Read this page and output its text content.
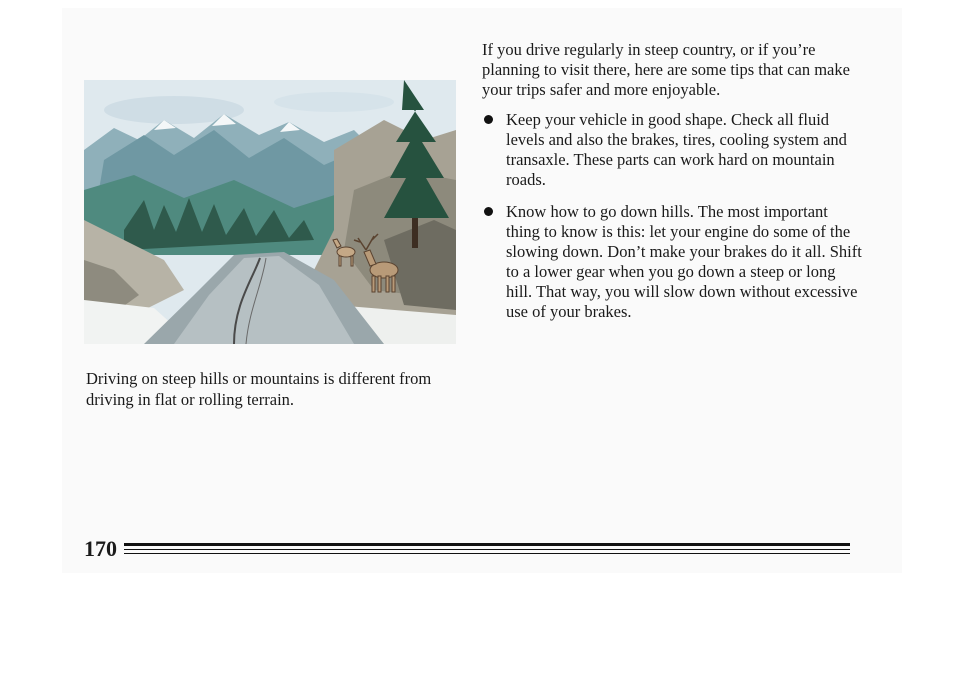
Driving on steep hills or mountains is different from driving in flat or rolling terrain.

If you drive regularly in steep country, or if you’re planning to visit there, here are some tips that can make your trips safer and more enjoyable.

Keep your vehicle in good shape. Check all fluid levels and also the brakes, tires, cooling system and transaxle. These parts can work hard on mountain roads.
Know how to go down hills. The most important thing to know is this: let your engine do some of the slowing down. Don’t make your brakes do it all. Shift to a lower gear when you go down a steep or long hill. That way, you will slow down without excessive use of your brakes.
170
